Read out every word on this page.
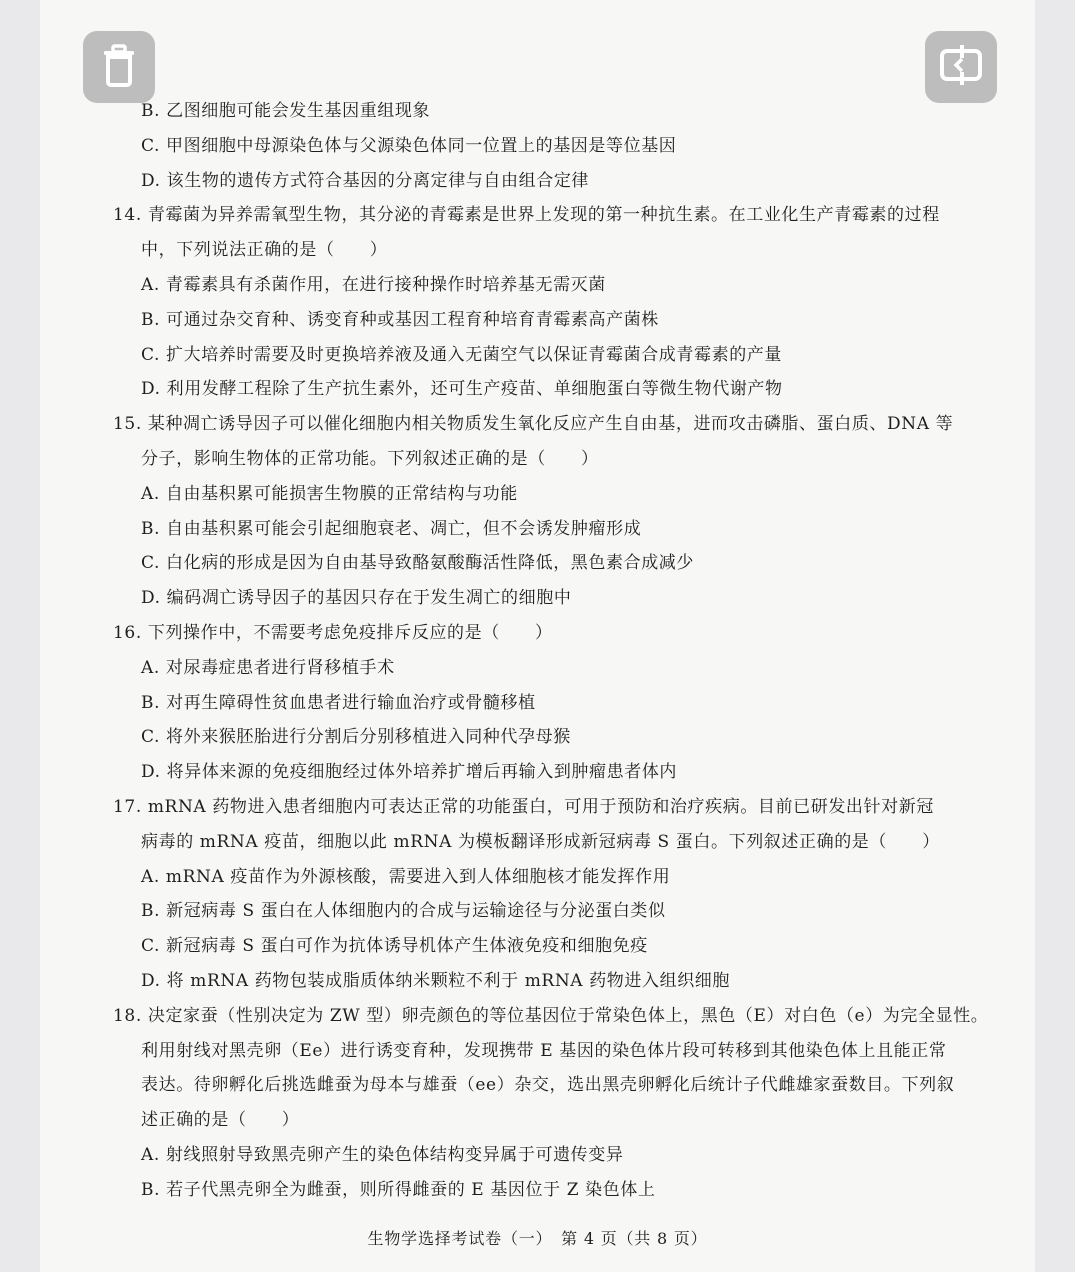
B. 乙图细胞可能会发生基因重组现象
C. 甲图细胞中母源染色体与父源染色体同一位置上的基因是等位基因
D. 该生物的遗传方式符合基因的分离定律与自由组合定律
14. 青霉菌为异养需氧型生物，其分泌的青霉素是世界上发现的第一种抗生素。在工业化生产青霉素的过程
中，下列说法正确的是（　　）
A. 青霉素具有杀菌作用，在进行接种操作时培养基无需灭菌
B. 可通过杂交育种、诱变育种或基因工程育种培育青霉素高产菌株
C. 扩大培养时需要及时更换培养液及通入无菌空气以保证青霉菌合成青霉素的产量
D. 利用发酵工程除了生产抗生素外，还可生产疫苗、单细胞蛋白等微生物代谢产物
15. 某种凋亡诱导因子可以催化细胞内相关物质发生氧化反应产生自由基，进而攻击磷脂、蛋白质、DNA 等
分子，影响生物体的正常功能。下列叙述正确的是（　　）
A. 自由基积累可能损害生物膜的正常结构与功能
B. 自由基积累可能会引起细胞衰老、凋亡，但不会诱发肿瘤形成
C. 白化病的形成是因为自由基导致酪氨酸酶活性降低，黑色素合成减少
D. 编码凋亡诱导因子的基因只存在于发生凋亡的细胞中
16. 下列操作中，不需要考虑免疫排斥反应的是（　　）
A. 对尿毒症患者进行肾移植手术
B. 对再生障碍性贫血患者进行输血治疗或骨髓移植
C. 将外来猴胚胎进行分割后分别移植进入同种代孕母猴
D. 将异体来源的免疫细胞经过体外培养扩增后再输入到肿瘤患者体内
17. mRNA 药物进入患者细胞内可表达正常的功能蛋白，可用于预防和治疗疾病。目前已研发出针对新冠
病毒的 mRNA 疫苗，细胞以此 mRNA 为模板翻译形成新冠病毒 S 蛋白。下列叙述正确的是（　　）
A. mRNA 疫苗作为外源核酸，需要进入到人体细胞核才能发挥作用
B. 新冠病毒 S 蛋白在人体细胞内的合成与运输途径与分泌蛋白类似
C. 新冠病毒 S 蛋白可作为抗体诱导机体产生体液免疫和细胞免疫
D. 将 mRNA 药物包装成脂质体纳米颗粒不利于 mRNA 药物进入组织细胞
18. 决定家蚕（性别决定为 ZW 型）卵壳颜色的等位基因位于常染色体上，黑色（E）对白色（e）为完全显性。
利用射线对黑壳卵（Ee）进行诱变育种，发现携带 E 基因的染色体片段可转移到其他染色体上且能正常
表达。待卵孵化后挑选雌蚕为母本与雄蚕（ee）杂交，选出黑壳卵孵化后统计子代雌雄家蚕数目。下列叙
述正确的是（　　）
A. 射线照射导致黑壳卵产生的染色体结构变异属于可遗传变异
B. 若子代黑壳卵全为雌蚕，则所得雌蚕的 E 基因位于 Z 染色体上
生物学选择考试卷（一）　第 4 页（共 8 页）
